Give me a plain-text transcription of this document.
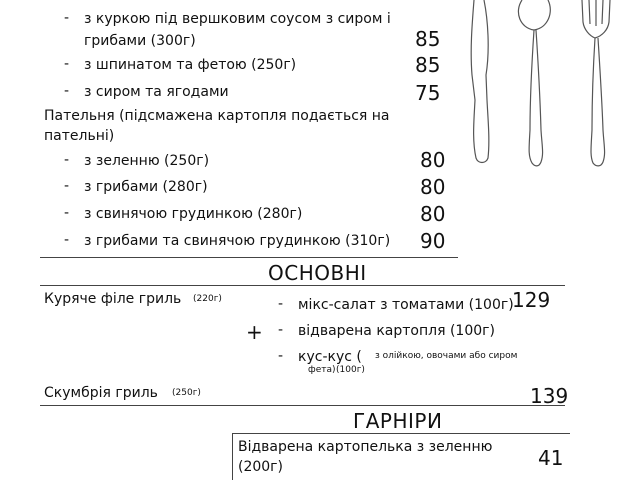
- з куркою під вершковим соусом з сиром і
грибами (300г)	85
- з шпинатом та фетою (250г)	85
- з сиром та ягодами	75
Пательня (підсмажена картопля подається на
пательні)
- з зеленню (250г)	80
- з грибами (280г)	80
- з свинячою грудинкою (280г)	80
- з грибами та свинячою грудинкою (310г) 90
ОСНОВНІ
Куряче філе гриль (220г)	129
+
- мікс-салат з томатами (100г)
- відварена картопля (100г)
- кус-кус ( з олійкою, овочами або сиром
фета) (100г)
Скумбрія гриль (250г)	139
ГАРНІРИ
Відварена картопелька з зеленню
(200г)	41
